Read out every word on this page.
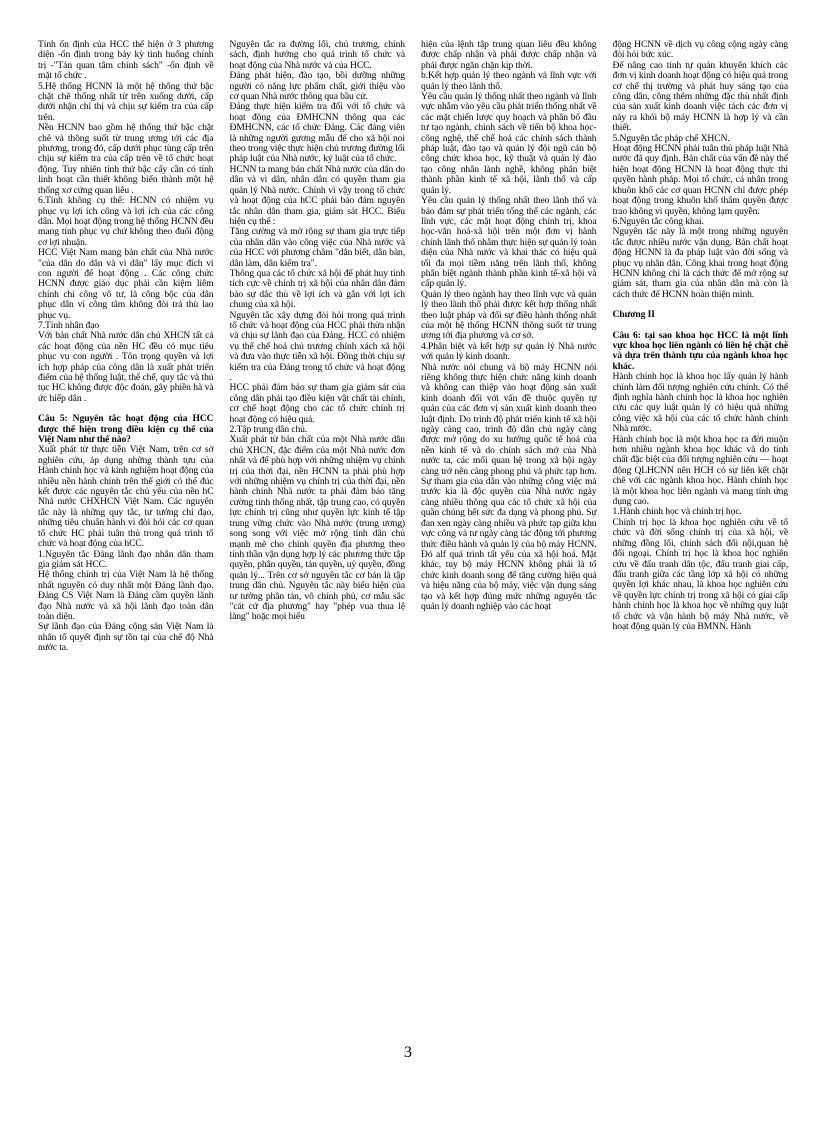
Tính ổn định của HCC thể hiện ở 3 phương diện -ổn định trong bảy kỳ tình huống chính trị -"Tản quan tâm chính sách" -ổn định về mặt tổ chức .

5.Hệ thống HCNN là một hệ thống thứ bậc chặt chẽ thống nhất từ trên xuống dưới, cấp dưới nhận chỉ thị và chịu sự kiểm tra của cấp trên.

Nền HCNN bao gồm hệ thống thứ bậc chặt chẽ và thông suốt từ trung ương tới các địa phương, trong đó, cấp dưới phục tùng cấp trên chịu sự kiểm tra của cấp trên về tổ chức hoạt động. Tuy nhiên tính thứ bậc cấy cần có tính linh hoạt cần thiết không biến thành một hệ thống xơ cứng quan liêu .

6.Tính không cụ thể: HCNN có nhiệm vụ phục vụ lợi ích công và lợi ích của các công dân. Mọi hoạt động trong hệ thống HCNN đều mang tính phục vụ chứ không theo đuổi động cơ lợi nhuận.

HCC Việt Nam mang bản chất của Nhà nước "của dân do dân và vì dân" lấy mục đích vì con người để hoạt động . Các công chức HCNN được giáo dục phải cần kiệm liêm chính chí công vô tư, là công bộc của dân phục dân vì công tâm không đòi trả thù lao phục vụ.

7.Tính nhân đạo

Với bản chất Nhà nước dân chủ XHCN tất cả các hoạt động của nền HC đều có mục tiêu phục vụ con người . Tôn trọng quyền và lợi ích hợp pháp của công dân là xuất phát triển điểm của hệ thống luật, thể chế, quy tắc và thủ tục HC không được độc đoán, gây phiền hà và ức hiếp dân .

Câu 5: Nguyên tắc hoạt động của HCC được thể hiện trong điều kiện cụ thể của Việt Nam như thế nào?

Xuất phát từ thực tiễn Việt Nam, trên cơ sở nghiên cứu, áp dụng những thành tựu của Hành chính học và kinh nghiệm hoạt động của nhiều nền hành chính trên thế giới có thể đúc kết được các nguyên tắc chủ yếu của nền hC Nhà nước CHXHCN Việt Nam. Các nguyên tắc này là những quy tắc, tư tưởng chỉ đạo, những tiêu chuẩn hành vi đòi hỏi các cơ quan tổ chức HC phải tuân thủ trong quá trình tổ chức và hoạt động của hCC.

1.Nguyên tắc Đảng lãnh đạo nhân dân tham gia giám sát HCC.

Hệ thống chính trị của Việt Nam là hệ thống nhất nguyên có duy nhất một Đảng lãnh đạo. Đảng CS Việt Nam là Đảng cầm quyền lãnh đạo Nhà nước và xã hội lãnh đạo toàn dân toàn diện.

Sự lãnh đạo của Đảng cộng sản Việt Nam là nhân tố quyết định sự tồn tại của chế độ Nhà nước ta.

Nguyên tắc ra đường lối, chủ trương, chính sách, định hướng cho quá trình tổ chức và hoạt động của Nhà nước và của HCC.

Đảng phát hiện, đào tạo, bồi dưỡng những người có năng lực phẩm chất, giới thiệu vào cơ quan Nhà nước thông qua bầu cử.

Đảng thực hiện kiểm tra đối với tổ chức và hoạt động của ĐMHCNN thông qua các ĐMHCNN, các tổ chức Đảng. Các đảng viên là những người gương mẫu để cho xã hội noi theo trong việc thực hiện chủ trương đường lối pháp luật của Nhà nước, kỷ luật của tổ chức.

HCNN ta mang bản chất Nhà nước của dân do dân và vì dân, nhân dân có quyền tham gia quản lý Nhà nước. Chính vì vậy trong tổ chức và hoạt động của hCC phải bảo đảm nguyên tắc nhân dân tham gia, giám sát HCC. Biểu hiện cụ thể :

Tăng cường và mở rộng sự tham gia trực tiếp của nhân dân vào công việc của Nhà nước và của HCC với phương châm "dân biết, dân bàn, dân làm, dân kiểm tra".

Thông qua các tổ chức xã hội để phát huy tính tích cực về chính trị xã hội của nhân dân đảm bảo sự dắc thù về lợi ích và gắn với lợi ích chung của xã hội.

Nguyên tắc xây dựng đòi hỏi trong quá trình tổ chức và hoạt động của HCC phải thừa nhận và chịu sự lãnh đạo của Đảng. HCC có nhiệm vụ thể chế hoá chủ trương chính xách xã hội và đưa vào thực tiễn xã hội. Đồng thời chịu sự kiểm tra của Đảng trong tổ chức và hoạt động .

HCC phải đảm bảo sự tham gia giám sát của công dân phải tạo điều kiện vật chất tài chính, cơ chế hoạt động cho các tổ chức chính trị hoạt động có hiệu quả.

2.Tập trung dân chủ.

Xuất phát từ bản chất của một Nhà nước dân chủ XHCN, đặc điểm của một Nhà nước đơn nhất và để phù hợp với những nhiệm vụ chính trị của thời đại, nền HCNN ta phải phù hợp với những nhiệm vụ chính trị của thời đại, nền hành chính Nhà nước ta phải đảm bảo tăng cường tính thống nhất, tập trung cao, có quyền lực chính trị cũng như quyền lực kinh tế tập trung vững chức vào Nhà nước (trung ương) song song với việc mở rộng tính dân chủ mạnh mẽ cho chính quyền địa phương theo tinh thần vận dụng hợp lý các phương thức tập quyền, phân quyền, tản quyền, uỷ quyền, đồng quản lý... Trên cơ sở nguyên tắc cơ bản là tập trung dân chủ. Nguyên tắc này biểu hiện của tư tưởng phân tán, vô chính phủ, cơ mẫu sắc "cát cứ địa phương" hay "phép vua thua lệ làng" hoặc mọi biểu

hiện của lệnh tập trung quan liêu đều không được chấp nhận và phải được chấp nhận và phải được ngăn chặn kịp thời.

b.Kết hợp quản lý theo ngành và lĩnh vực với quản lý theo lãnh thổ.

Yêu cầu quản lý thống nhất theo ngành và lĩnh vực nhằm vào yêu cầu phát triển thống nhất về các mặt chiến lược quy hoạch và phân bổ đầu tư tạo ngành, chính sách về tiến bộ khoa học-công nghệ, thể chế hoá các chính sách thành pháp luật, đào tạo và quản lý đội ngũ cán bộ công chức khoa học, kỹ thuật và quản lý đào tạo công nhân lành nghề, không phân biệt thành phần kinh tế xã hội, lãnh thổ và cấp quản lý.

Yêu cầu quản lý thống nhất theo lãnh thổ và bảo đảm sự phát triển tổng thể các ngành, các lĩnh vực, các mặt hoạt động chính trị, khoa học-văn hoá-xã hội trên một đơn vị hành chính lãnh thổ nhằm thực hiện sự quản lý toàn diện của Nhà nước và khai thác có hiệu quả tối đa mọi tiềm năng trên lãnh thổ, không phân biệt ngành thành phần kinh tế-xã hội và cấp quản lý.

Quản lý theo ngành hay theo lĩnh vực và quản lý theo lãnh thổ phải được kết hợp thống nhất theo luật pháp và đổi sự điều hành thống nhất của một hệ thống HCNN thông suốt từ trung ương tới địa phương và cơ sở.

4.Phân biệt và kết hợp sự quản lý Nhà nước với quản lý kinh doanh.

Nhà nước nói chung và bộ máy HCNN nói riêng không thực hiện chức năng kinh doanh và không can thiệp vào hoạt động sản xuất kinh doanh đối với vấn đề thuộc quyền tự quản của các đơn vị sản xuất kinh doanh theo luật định. Do trình độ phát triển kinh tế xã hội ngày càng cao, trình độ dân chủ ngày càng được mở rộng do xu hướng quốc tế hoá của nền kinh tế và do chính sách mở của Nhà nước ta, các mối quan hệ trong xã hội ngày càng trở nên càng phong phú và phức tạp hơn. Sự tham gia của dân vào những công việc mà trước kia là độc quyền của Nhà nước ngày càng nhiều thông qua các tổ chức xã hội của quần chúng hết sức đa dạng và phong phú. Sự đan xen ngày càng nhiều và phức tạp giữa khu vực công và tư ngày càng tác động tới phương thức điều hành và quản lý của bộ máy HCNN. Đó alf quá trình tất yếu của xã hội hoá. Mặt khác, tuy bộ máy HCNN không phải là tổ chức kinh doanh song để tăng cường hiệu quả và hiệu năng của bộ máy, việc vận dụng sáng tạo và kết hợp đúng mức những nguyên tắc quản lý doanh nghiệp vào các hoạt

động HCNN về dịch vụ công cộng ngày càng đòi hỏi bức xúc.

Để nâng cao tính tự quản khuyến khích các đơn vị kinh doanh hoạt động có hiệu quả trong cơ chế thị trường và phát huy sáng tạo của công dân, công thêm những đặc thù nhất định của sản xuất kinh doanh việc tách các đơn vị này ra khỏi bộ máy HCNN là hợp lý và cần thiết.

5.Nguyên tắc pháp chế XHCN.

Hoạt động HCNN phải tuân thủ pháp luật Nhà nước đã quy định. Bản chất của vấn đề này thể hiện hoạt động HCNN là hoạt động thực thi quyền hành pháp. Mọi tổ chức, cá nhân trong khuôn khổ các cơ quan HCNN chỉ được phép hoạt động trong khuôn khổ thẩm quyền được trao không vì quyền, không lạm quyền.

6.Nguyên tắc công khai.

Nguyên tắc này là một trong những nguyên tắc được nhiều nước vận dụng. Bản chất hoạt động HCNN là đa pháp luật vào đời sống và phục vụ nhân dân. Công khai trong hoạt động HCNN không chỉ là cách thức để mở rộng sự giám sát, tham gia của nhân dân mà còn là cách thức để HCNN hoàn thiện mình.

Chương II

Câu 6: tại sao khoa học HCC là một lĩnh vực khoa học liên ngành có liên hệ chặt chẽ và dựa trên thành tựu của ngành khoa học khác.

Hành chính học là khoa học lấy quản lý hành chính làm đối tượng nghiên cứu chính. Có thể định nghĩa hành chính học là khoa học nghiên cứu các quy luật quản lý có hiệu quả những công việc xã hội của các tổ chức hành chính Nhà nước.

Hành chính học là một khoa học ra đời muộn hơn nhiều ngành khoa học khác và do tính chất đặc biệt của đối tượng nghiên cứu — hoạt động QLHCNN nên HCH có sự liên kết chặt chẽ với các ngành khoa học. Hành chính học là một khoa học liên ngành và mang tính ứng dụng cao.

1.Hành chính học và chính trị học.

Chính trị học là khoa học nghiên cứu về tổ chức và đời sống chính trị của xã hội, về những đồng lối, chính sách đối nội,quan hệ đối ngoại. Chính trị học là khoa học nghiên cứu về đấu tranh dân tộc, đấu tranh giai cấp, đấu tranh giữa các tầng lớp xã hội có những quyền lợi khác nhau, là khoa học nghiên cứu về quyền lực chính trị trong xã hội có giai cấp hành chính học là khoa học về những quy luật tổ chức và vận hành bộ máy Nhà nước, về hoạt động quản lý của BMNN. Hành

3
